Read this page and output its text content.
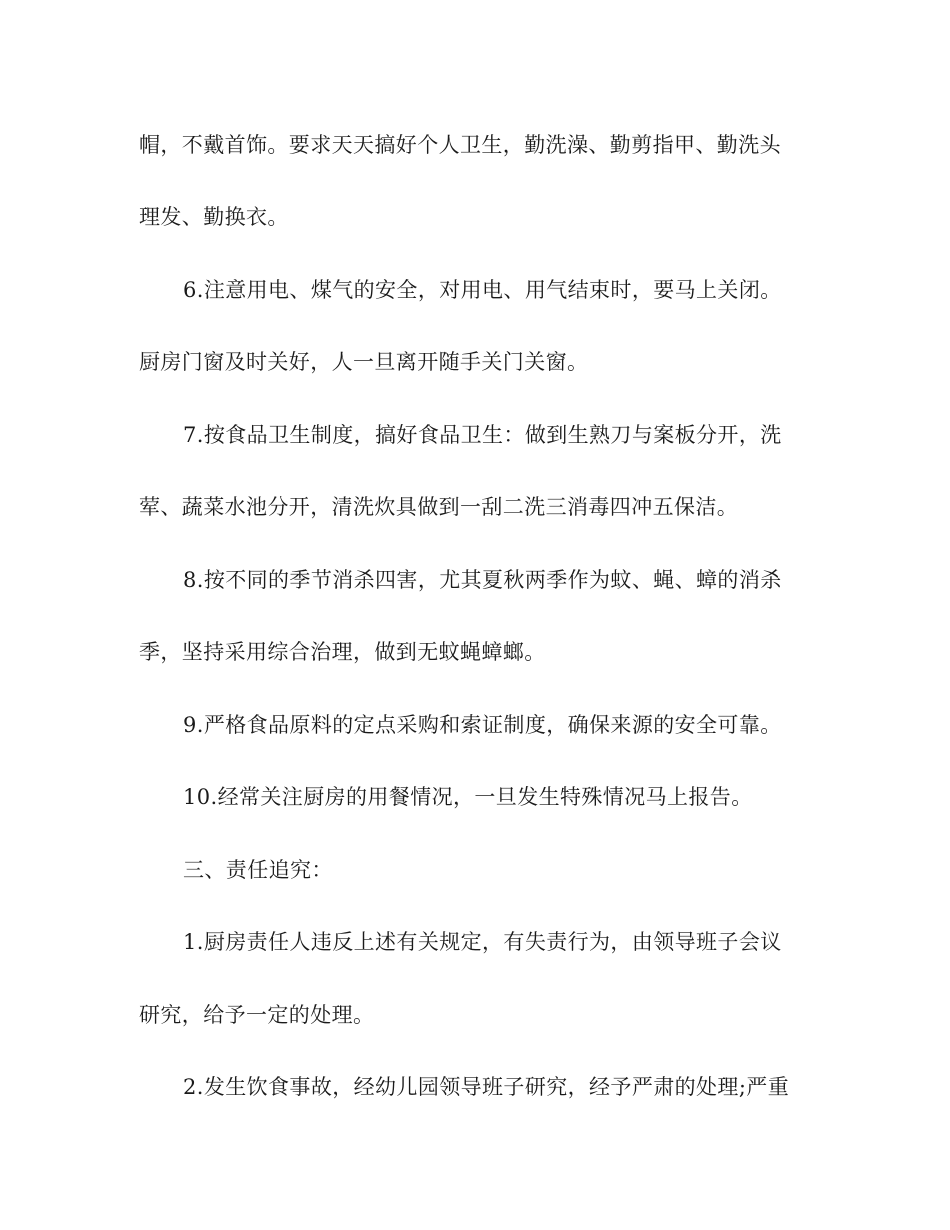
帽，不戴首饰。要求天天搞好个人卫生，勤洗澡、勤剪指甲、勤洗头
理发、勤换衣。
6.注意用电、煤气的安全，对用电、用气结束时，要马上关闭。
厨房门窗及时关好，人一旦离开随手关门关窗。
7.按食品卫生制度，搞好食品卫生：做到生熟刀与案板分开，洗
荤、蔬菜水池分开，清洗炊具做到一刮二洗三消毒四冲五保洁。
8.按不同的季节消杀四害，尤其夏秋两季作为蚊、蝇、蟑的消杀
季，坚持采用综合治理，做到无蚊蝇蟑螂。
9.严格食品原料的定点采购和索证制度，确保来源的安全可靠。
10.经常关注厨房的用餐情况，一旦发生特殊情况马上报告。
三、责任追究：
1.厨房责任人违反上述有关规定，有失责行为，由领导班子会议
研究，给予一定的处理。
2.发生饮食事故，经幼儿园领导班子研究，经予严肃的处理;严重
